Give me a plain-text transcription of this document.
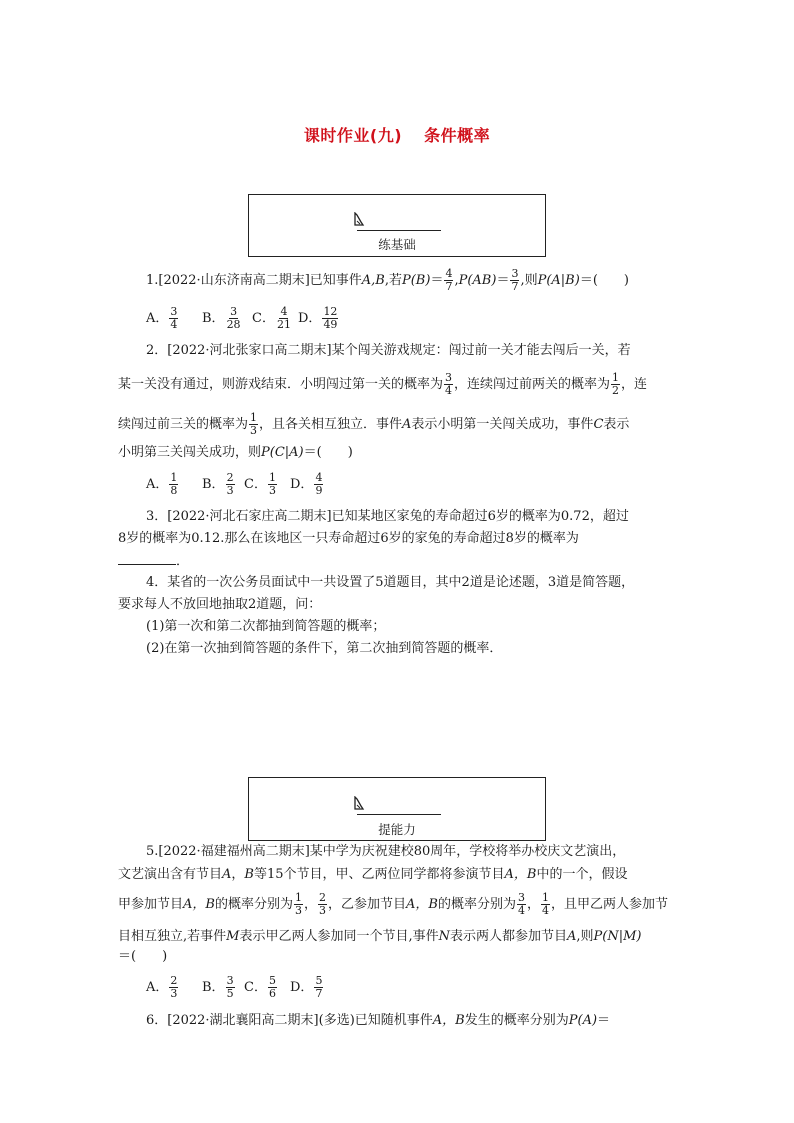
课时作业(九) 条件概率
练基础
1.[2022·山东济南高二期末]已知事件A,B,若$P(B)= \frac{4}{7} ,P(AB)= \frac{3}{7}$ ,则P(A|B)＝(　　)
A． $\frac{3}{4}$ B． $\frac{3}{28}$ C． $\frac{4}{21}$ D． $\frac{12}{49}$
2．[2022·河北张家口高二期末]某个闯关游戏规定：闯过前一关才能去闯后一关，若
某一关没有通过，则游戏结束．小明闯过第一关的概率为 $\frac{3}{4}$ ，连续闯过前两关的概率为 $\frac{1}{2}$ ，连
续闯过前三关的概率为 $\frac{1}{3}$ ，且各关相互独立．事件A表示小明第一关闯关成功，事件C表示
小明第三关闯关成功，则P(C|A)＝(　　)
A． $\frac{1}{8}$ B． $\frac{2}{3}$ C． $\frac{1}{3}$ D． $\frac{4}{9}$
3．[2022·河北石家庄高二期末]已知某地区家兔的寿命超过6岁的概率为0.72，超过
8岁的概率为0.12.那么在该地区一只寿命超过6岁的家兔的寿命超过8岁的概率为
．
4．某省的一次公务员面试中一共设置了5道题目，其中2道是论述题，3道是简答题，
要求每人不放回地抽取2道题，问：
(1)第一次和第二次都抽到简答题的概率；
(2)在第一次抽到简答题的条件下，第二次抽到简答题的概率．
提能力
5.[2022·福建福州高二期末]某中学为庆祝建校80周年，学校将举办校庆文艺演出，
文艺演出含有节目A，B等15个节目，甲、乙两位同学都将参演节目A，B中的一个，假设
甲参加节目A，B的概率分别为 $\frac{1}{3}$ ， $\frac{2}{3}$ ，乙参加节目A，B的概率分别为 $\frac{3}{4}$ ， $\frac{1}{4}$ ，且甲乙两人参加节
目相互独立,若事件M表示甲乙两人参加同一个节目,事件N表示两人都参加节目A,则P(N|M)
＝(　　)
A． $\frac{2}{3}$ B． $\frac{3}{5}$ C． $\frac{5}{6}$ D． $\frac{5}{7}$
6．[2022·湖北襄阳高二期末](多选)已知随机事件A，B发生的概率分别为P(A)＝
